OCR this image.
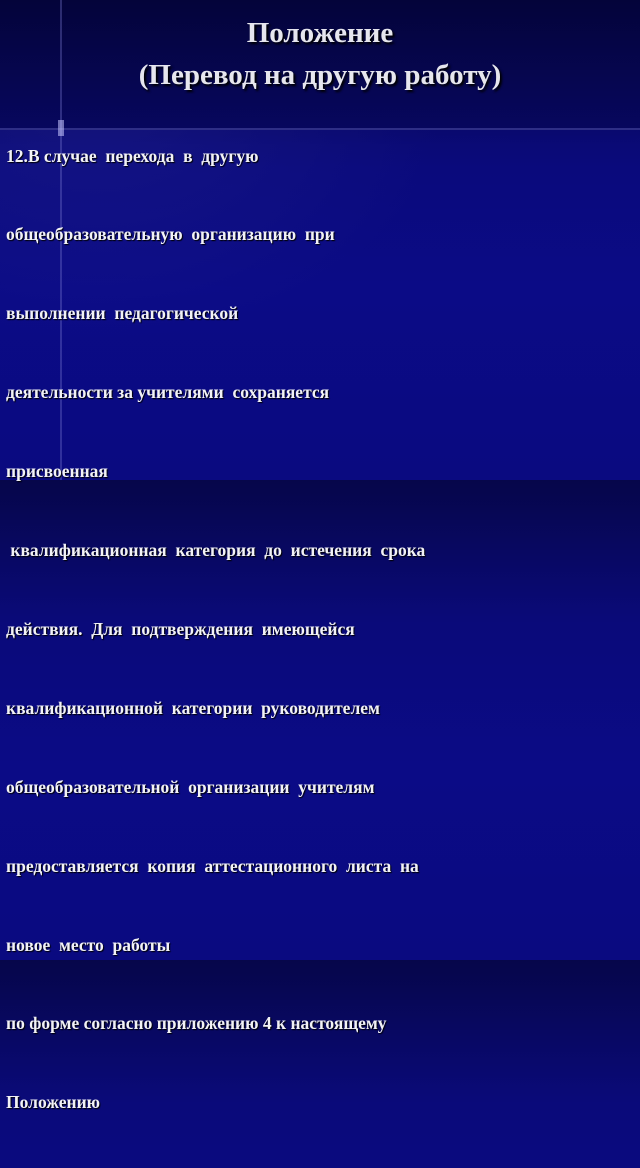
Положение
(Перевод на другую работу)

12.В случае  перехода  в  другую

общеобразовательную  организацию  при

выполнении  педагогической

деятельности за учителями  сохраняется

присвоенная

квалификационная  категория  до  истечения  срока

действия.  Для  подтверждения  имеющейся

квалификационной  категории  руководителем

общеобразовательной  организации  учителям

предоставляется  копия  аттестационного  листа  на

новое  место  работы

по форме согласно приложению 4 к настоящему

Положению
